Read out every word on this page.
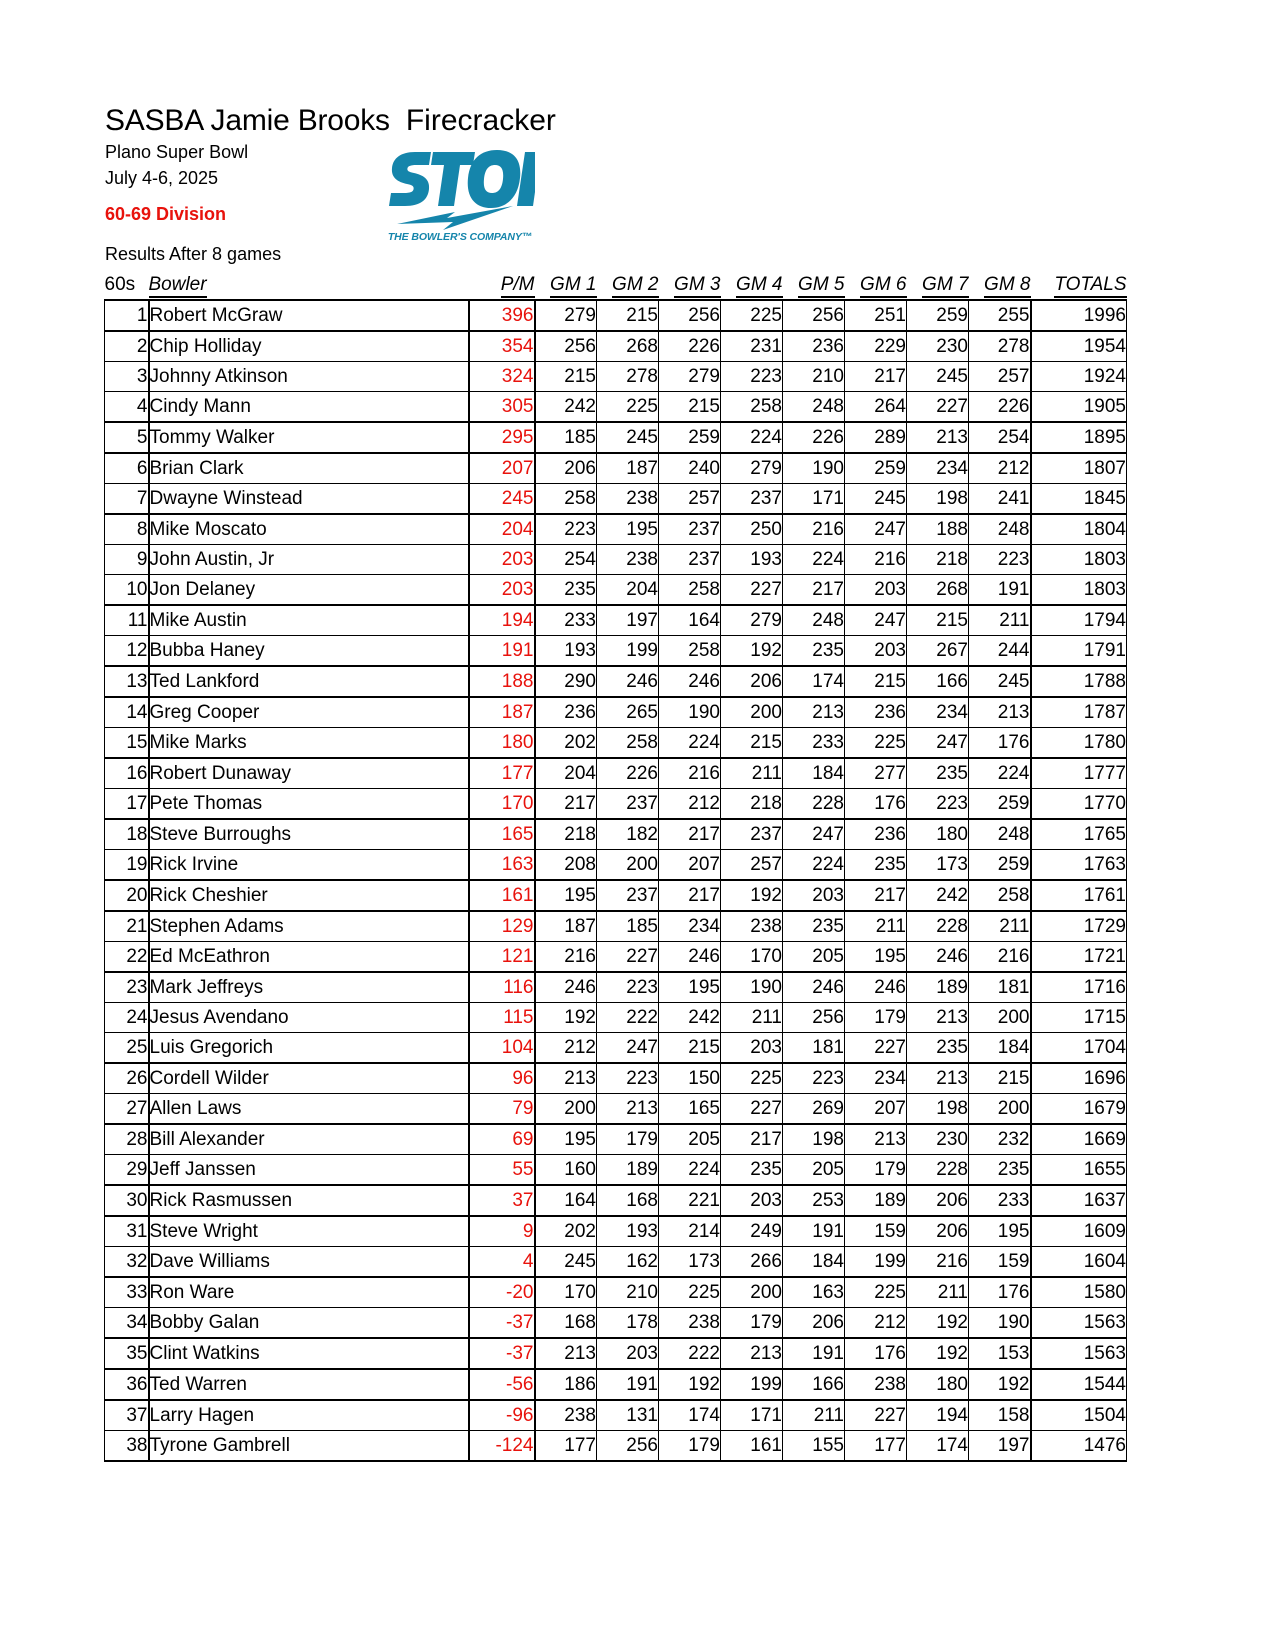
SASBA Jamie Brooks Firecracker
Plano Super Bowl
July 4-6, 2025
60-69 Division
Results After 8 games
THE BOWLER'S COMPANY™
60s	Bowler	P/M	GM 1	GM 2	GM 3	GM 4	GM 5	GM 6	GM 7	GM 8	TOTALS
1	Robert McGraw	396	279	215	256	225	256	251	259	255	1996
2	Chip Holliday	354	256	268	226	231	236	229	230	278	1954
3	Johnny Atkinson	324	215	278	279	223	210	217	245	257	1924
4	Cindy Mann	305	242	225	215	258	248	264	227	226	1905
5	Tommy Walker	295	185	245	259	224	226	289	213	254	1895
6	Brian Clark	207	206	187	240	279	190	259	234	212	1807
7	Dwayne Winstead	245	258	238	257	237	171	245	198	241	1845
8	Mike Moscato	204	223	195	237	250	216	247	188	248	1804
9	John Austin, Jr	203	254	238	237	193	224	216	218	223	1803
10	Jon Delaney	203	235	204	258	227	217	203	268	191	1803
11	Mike Austin	194	233	197	164	279	248	247	215	211	1794
12	Bubba Haney	191	193	199	258	192	235	203	267	244	1791
13	Ted Lankford	188	290	246	246	206	174	215	166	245	1788
14	Greg Cooper	187	236	265	190	200	213	236	234	213	1787
15	Mike Marks	180	202	258	224	215	233	225	247	176	1780
16	Robert Dunaway	177	204	226	216	211	184	277	235	224	1777
17	Pete Thomas	170	217	237	212	218	228	176	223	259	1770
18	Steve Burroughs	165	218	182	217	237	247	236	180	248	1765
19	Rick Irvine	163	208	200	207	257	224	235	173	259	1763
20	Rick Cheshier	161	195	237	217	192	203	217	242	258	1761
21	Stephen Adams	129	187	185	234	238	235	211	228	211	1729
22	Ed McEathron	121	216	227	246	170	205	195	246	216	1721
23	Mark Jeffreys	116	246	223	195	190	246	246	189	181	1716
24	Jesus Avendano	115	192	222	242	211	256	179	213	200	1715
25	Luis Gregorich	104	212	247	215	203	181	227	235	184	1704
26	Cordell Wilder	96	213	223	150	225	223	234	213	215	1696
27	Allen Laws	79	200	213	165	227	269	207	198	200	1679
28	Bill Alexander	69	195	179	205	217	198	213	230	232	1669
29	Jeff Janssen	55	160	189	224	235	205	179	228	235	1655
30	Rick Rasmussen	37	164	168	221	203	253	189	206	233	1637
31	Steve Wright	9	202	193	214	249	191	159	206	195	1609
32	Dave Williams	4	245	162	173	266	184	199	216	159	1604
33	Ron Ware	-20	170	210	225	200	163	225	211	176	1580
34	Bobby Galan	-37	168	178	238	179	206	212	192	190	1563
35	Clint Watkins	-37	213	203	222	213	191	176	192	153	1563
36	Ted Warren	-56	186	191	192	199	166	238	180	192	1544
37	Larry Hagen	-96	238	131	174	171	211	227	194	158	1504
38	Tyrone Gambrell	-124	177	256	179	161	155	177	174	197	1476
